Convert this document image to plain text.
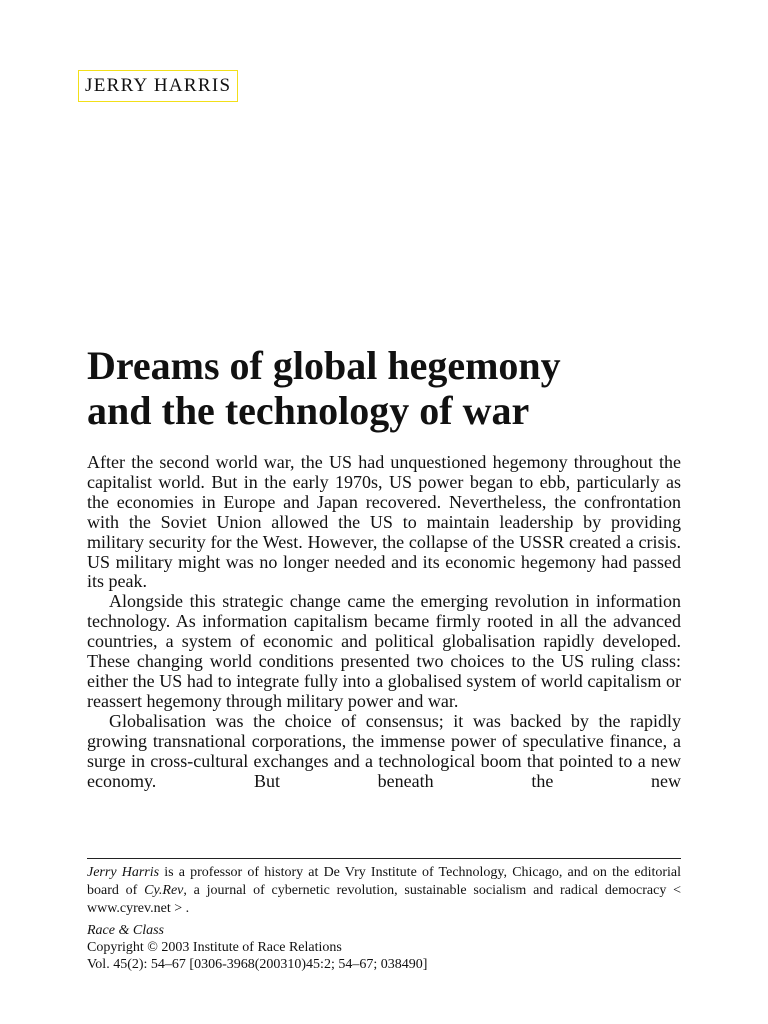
JERRY HARRIS
Dreams of global hegemony
and the technology of war

After the second world war, the US had unquestioned hegemony throughout the capitalist world. But in the early 1970s, US power began to ebb, particularly as the economies in Europe and Japan recovered. Nevertheless, the confrontation with the Soviet Union allowed the US to maintain leadership by providing military security for the West. However, the collapse of the USSR created a crisis. US military might was no longer needed and its economic hegemony had passed its peak.

Alongside this strategic change came the emerging revolution in information technology. As information capitalism became firmly rooted in all the advanced countries, a system of economic and political globalisation rapidly developed. These changing world conditions presented two choices to the US ruling class: either the US had to integrate fully into a globalised system of world capitalism or reassert hegemony through military power and war.

Globalisation was the choice of consensus; it was backed by the rapidly growing transnational corporations, the immense power of speculative finance, a surge in cross-cultural exchanges and a technological boom that pointed to a new economy. But beneath the new

Jerry Harris is a professor of history at De Vry Institute of Technology, Chicago, and on the editorial board of Cy.Rev, a journal of cybernetic revolution, sustainable socialism and radical democracy < www.cyrev.net > .
Race & Class
Copyright © 2003 Institute of Race Relations
Vol. 45(2): 54–67 [0306-3968(200310)45:2; 54–67; 038490]
